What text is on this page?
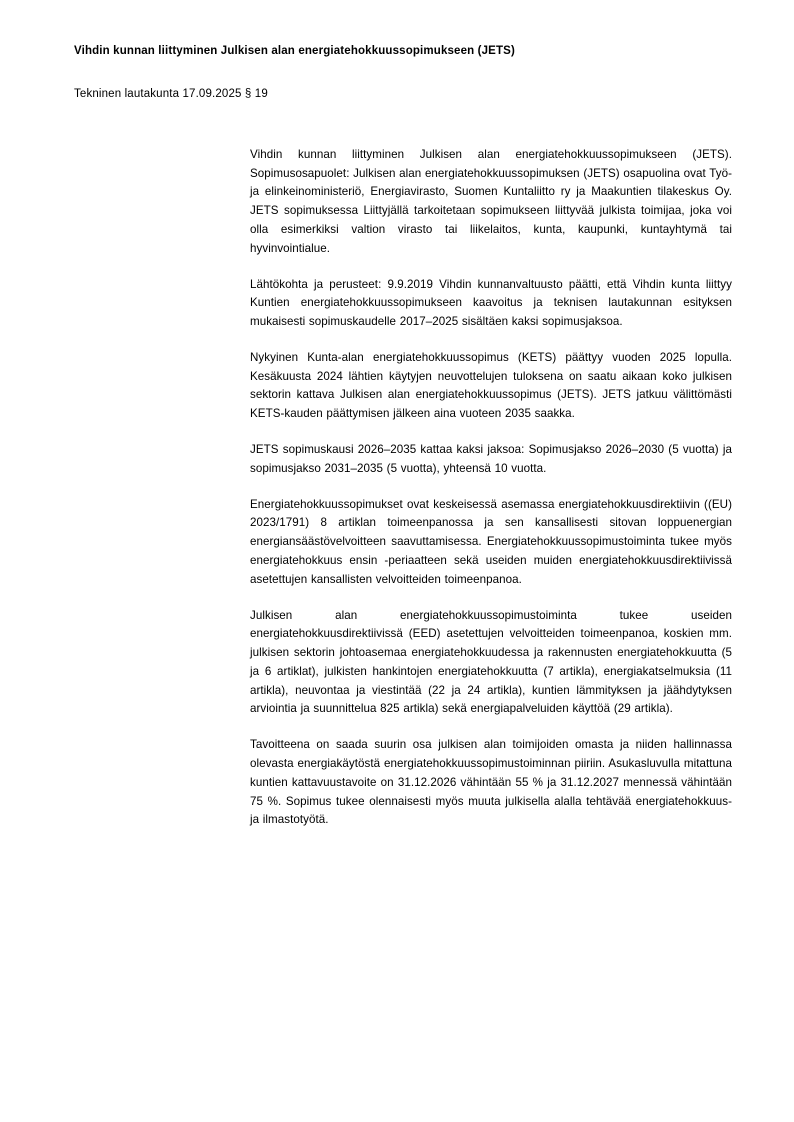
Vihdin kunnan liittyminen Julkisen alan energiatehokkuussopimukseen (JETS)
Tekninen lautakunta 17.09.2025 § 19

Vihdin kunnan liittyminen Julkisen alan energiatehokkuussopimukseen (JETS). Sopimusosapuolet: Julkisen alan energiatehokkuussopimuksen (JETS) osapuolina ovat Työ- ja elinkeinoministeriö, Energiavirasto, Suomen Kuntaliitto ry ja Maakuntien tilakeskus Oy. JETS sopimuksessa Liittyjällä tarkoitetaan sopimukseen liittyvää julkista toimijaa, joka voi olla esimerkiksi valtion virasto tai liikelaitos, kunta, kaupunki, kuntayhtymä tai hyvinvointialue.

Lähtökohta ja perusteet: 9.9.2019 Vihdin kunnanvaltuusto päätti, että Vihdin kunta liittyy Kuntien energiatehokkuussopimukseen kaavoitus ja teknisen lautakunnan esityksen mukaisesti sopimuskaudelle 2017–2025 sisältäen kaksi sopimusjaksoa.

Nykyinen Kunta-alan energiatehokkuussopimus (KETS) päättyy vuoden 2025 lopulla. Kesäkuusta 2024 lähtien käytyjen neuvottelujen tuloksena on saatu aikaan koko julkisen sektorin kattava Julkisen alan energiatehokkuussopimus (JETS). JETS jatkuu välittömästi KETS-kauden päättymisen jälkeen aina vuoteen 2035 saakka.

JETS sopimuskausi 2026–2035 kattaa kaksi jaksoa: Sopimusjakso 2026–2030 (5 vuotta) ja sopimusjakso 2031–2035 (5 vuotta), yhteensä 10 vuotta.

Energiatehokkuussopimukset ovat keskeisessä asemassa energiatehokkuusdirektiivin ((EU) 2023/1791) 8 artiklan toimeenpanossa ja sen kansallisesti sitovan loppuenergian energiansäästövelvoitteen saavuttamisessa. Energiatehokkuussopimustoiminta tukee myös energiatehokkuus ensin -periaatteen sekä useiden muiden energiatehokkuusdirektiivissä asetettujen kansallisten velvoitteiden toimeenpanoa.

Julkisen alan energiatehokkuussopimustoiminta tukee useiden energiatehokkuusdirektiivissä (EED) asetettujen velvoitteiden toimeenpanoa, koskien mm. julkisen sektorin johtoasemaa energiatehokkuudessa ja rakennusten energiatehokkuutta (5 ja 6 artiklat), julkisten hankintojen energiatehokkuutta (7 artikla), energiakatselmuksia (11 artikla), neuvontaa ja viestintää (22 ja 24 artikla), kuntien lämmityksen ja jäähdytyksen arviointia ja suunnittelua 825 artikla) sekä energiapalveluiden käyttöä (29 artikla).

Tavoitteena on saada suurin osa julkisen alan toimijoiden omasta ja niiden hallinnassa olevasta energiakäytöstä energiatehokkuussopimustoiminnan piiriin. Asukasluvulla mitattuna kuntien kattavuustavoite on 31.12.2026 vähintään 55 % ja 31.12.2027 mennessä vähintään 75 %. Sopimus tukee olennaisesti myös muuta julkisella alalla tehtävää energiatehokkuus- ja ilmastotyötä.
